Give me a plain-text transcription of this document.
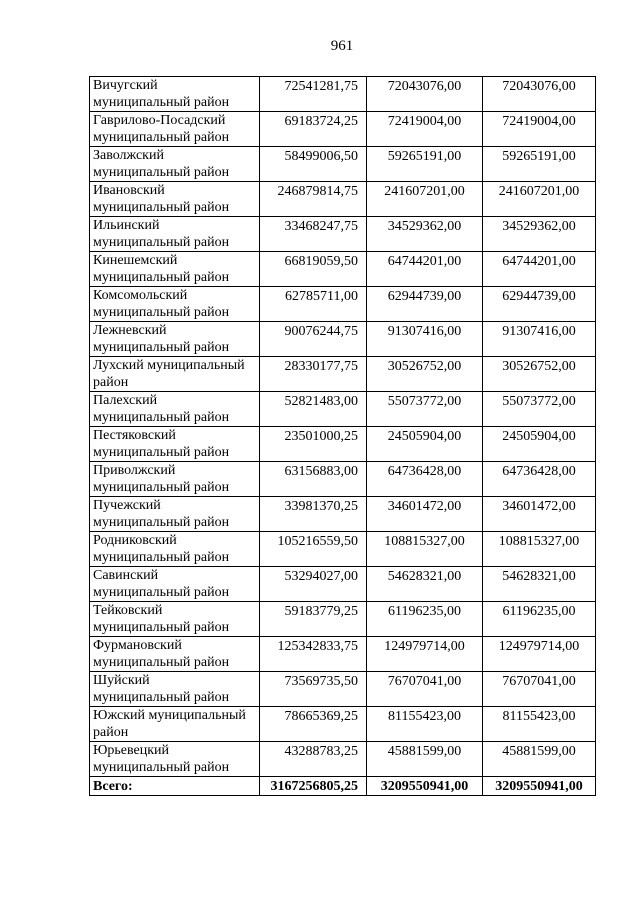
961
Вичугский
муниципальный район	72541281,75	72043076,00	72043076,00

Гаврилово-Посадский
муниципальный район	69183724,25	72419004,00	72419004,00

Заволжский
муниципальный район	58499006,50	59265191,00	59265191,00

Ивановский
муниципальный район	246879814,75	241607201,00	241607201,00

Ильинский
муниципальный район	33468247,75	34529362,00	34529362,00

Кинешемский
муниципальный район	66819059,50	64744201,00	64744201,00

Комсомольский
муниципальный район	62785711,00	62944739,00	62944739,00

Лежневский
муниципальный район	90076244,75	91307416,00	91307416,00

Лухский муниципальный
район	28330177,75	30526752,00	30526752,00

Палехский
муниципальный район	52821483,00	55073772,00	55073772,00

Пестяковский
муниципальный район	23501000,25	24505904,00	24505904,00

Приволжский
муниципальный район	63156883,00	64736428,00	64736428,00

Пучежский
муниципальный район	33981370,25	34601472,00	34601472,00

Родниковский
муниципальный район	105216559,50	108815327,00	108815327,00

Савинский
муниципальный район	53294027,00	54628321,00	54628321,00

Тейковский
муниципальный район	59183779,25	61196235,00	61196235,00

Фурмановский
муниципальный район	125342833,75	124979714,00	124979714,00

Шуйский
муниципальный район	73569735,50	76707041,00	76707041,00

Южский муниципальный
район	78665369,25	81155423,00	81155423,00

Юрьевецкий
муниципальный район	43288783,25	45881599,00	45881599,00
Всего:	3167256805,25	3209550941,00	3209550941,00
